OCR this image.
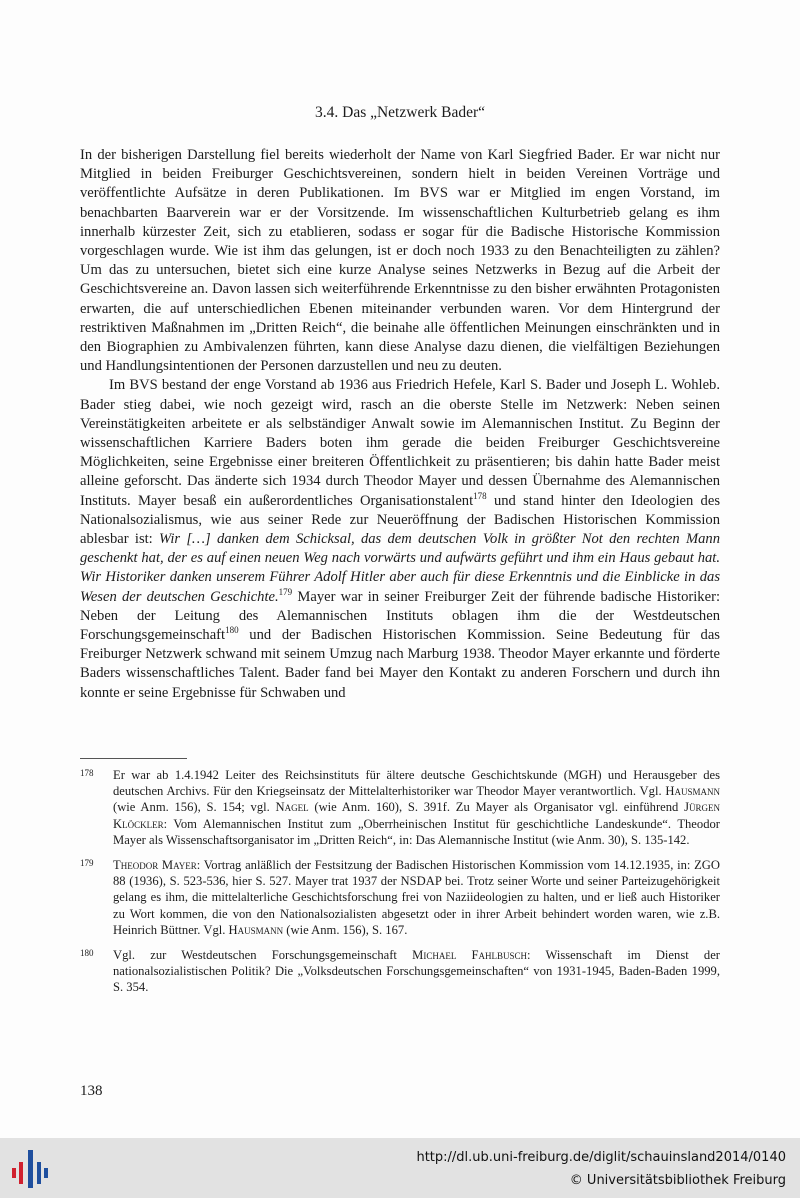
3.4. Das „Netzwerk Bader“

In der bisherigen Darstellung fiel bereits wiederholt der Name von Karl Siegfried Bader. Er war nicht nur Mitglied in beiden Freiburger Geschichtsvereinen, sondern hielt in beiden Vereinen Vorträge und veröffentlichte Aufsätze in deren Publikationen. Im BVS war er Mitglied im engen Vorstand, im benachbarten Baarverein war er der Vorsitzende. Im wissenschaftlichen Kulturbetrieb gelang es ihm innerhalb kürzester Zeit, sich zu etablieren, sodass er sogar für die Badische Historische Kommission vorgeschlagen wurde. Wie ist ihm das gelungen, ist er doch noch 1933 zu den Benachteiligten zu zählen? Um das zu untersuchen, bietet sich eine kurze Analyse seines Netzwerks in Bezug auf die Arbeit der Geschichtsvereine an. Davon lassen sich weiterführende Erkenntnisse zu den bisher erwähnten Protagonisten erwarten, die auf unterschiedlichen Ebenen miteinander verbunden waren. Vor dem Hintergrund der restriktiven Maßnahmen im „Dritten Reich“, die beinahe alle öffentlichen Meinungen einschränkten und in den Biographien zu Ambivalenzen führten, kann diese Analyse dazu dienen, die vielfältigen Beziehungen und Handlungsintentionen der Personen darzustellen und neu zu deuten.

Im BVS bestand der enge Vorstand ab 1936 aus Friedrich Hefele, Karl S. Bader und Joseph L. Wohleb. Bader stieg dabei, wie noch gezeigt wird, rasch an die oberste Stelle im Netzwerk: Neben seinen Vereinstätigkeiten arbeitete er als selbständiger Anwalt sowie im Alemannischen Institut. Zu Beginn der wissenschaftlichen Karriere Baders boten ihm gerade die beiden Freiburger Geschichtsvereine Möglichkeiten, seine Ergebnisse einer breiteren Öffentlichkeit zu präsentieren; bis dahin hatte Bader meist alleine geforscht. Das änderte sich 1934 durch Theodor Mayer und dessen Übernahme des Alemannischen Instituts. Mayer besaß ein außerordentliches Organisationstalent$^{178}$ und stand hinter den Ideologien des Nationalsozialismus, wie aus seiner Rede zur Neueröffnung der Badischen Historischen Kommission ablesbar ist: Wir […] danken dem Schicksal, das dem deutschen Volk in größter Not den rechten Mann geschenkt hat, der es auf einen neuen Weg nach vorwärts und aufwärts geführt und ihm ein Haus gebaut hat. Wir Historiker danken unserem Führer Adolf Hitler aber auch für diese Erkenntnis und die Einblicke in das Wesen der deutschen Geschichte.$^{179}$ Mayer war in seiner Freiburger Zeit der führende badische Historiker: Neben der Leitung des Alemannischen Instituts oblagen ihm die der Westdeutschen Forschungsgemeinschaft$^{180}$ und der Badischen Historischen Kommission. Seine Bedeutung für das Freiburger Netzwerk schwand mit seinem Umzug nach Marburg 1938. Theodor Mayer erkannte und förderte Baders wissenschaftliches Talent. Bader fand bei Mayer den Kontakt zu anderen Forschern und durch ihn konnte er seine Ergebnisse für Schwaben und

178 Er war ab 1.4.1942 Leiter des Reichsinstituts für ältere deutsche Geschichtskunde (MGH) und Herausgeber des deutschen Archivs. Für den Kriegseinsatz der Mittelalterhistoriker war Theodor Mayer verantwortlich. Vgl. Hausmann (wie Anm. 156), S. 154; vgl. Nagel (wie Anm. 160), S. 391f. Zu Mayer als Organisator vgl. einführend Jürgen Klöckler: Vom Alemannischen Institut zum „Oberrheinischen Institut für geschichtliche Landeskunde“. Theodor Mayer als Wissenschaftsorganisator im „Dritten Reich“, in: Das Alemannische Institut (wie Anm. 30), S. 135-142.
179 Theodor Mayer: Vortrag anläßlich der Festsitzung der Badischen Historischen Kommission vom 14.12.1935, in: ZGO 88 (1936), S. 523-536, hier S. 527. Mayer trat 1937 der NSDAP bei. Trotz seiner Worte und seiner Parteizugehörigkeit gelang es ihm, die mittelalterliche Geschichtsforschung frei von Naziideologien zu halten, und er ließ auch Historiker zu Wort kommen, die von den Nationalsozialisten abgesetzt oder in ihrer Arbeit behindert worden waren, wie z.B. Heinrich Büttner. Vgl. Hausmann (wie Anm. 156), S. 167.
180 Vgl. zur Westdeutschen Forschungsgemeinschaft Michael Fahlbusch: Wissenschaft im Dienst der nationalsozialistischen Politik? Die „Volksdeutschen Forschungsgemeinschaften“ von 1931-1945, Baden-Baden 1999, S. 354.
138
http://dl.ub.uni-freiburg.de/diglit/schauinsland2014/0140
© Universitätsbibliothek Freiburg
